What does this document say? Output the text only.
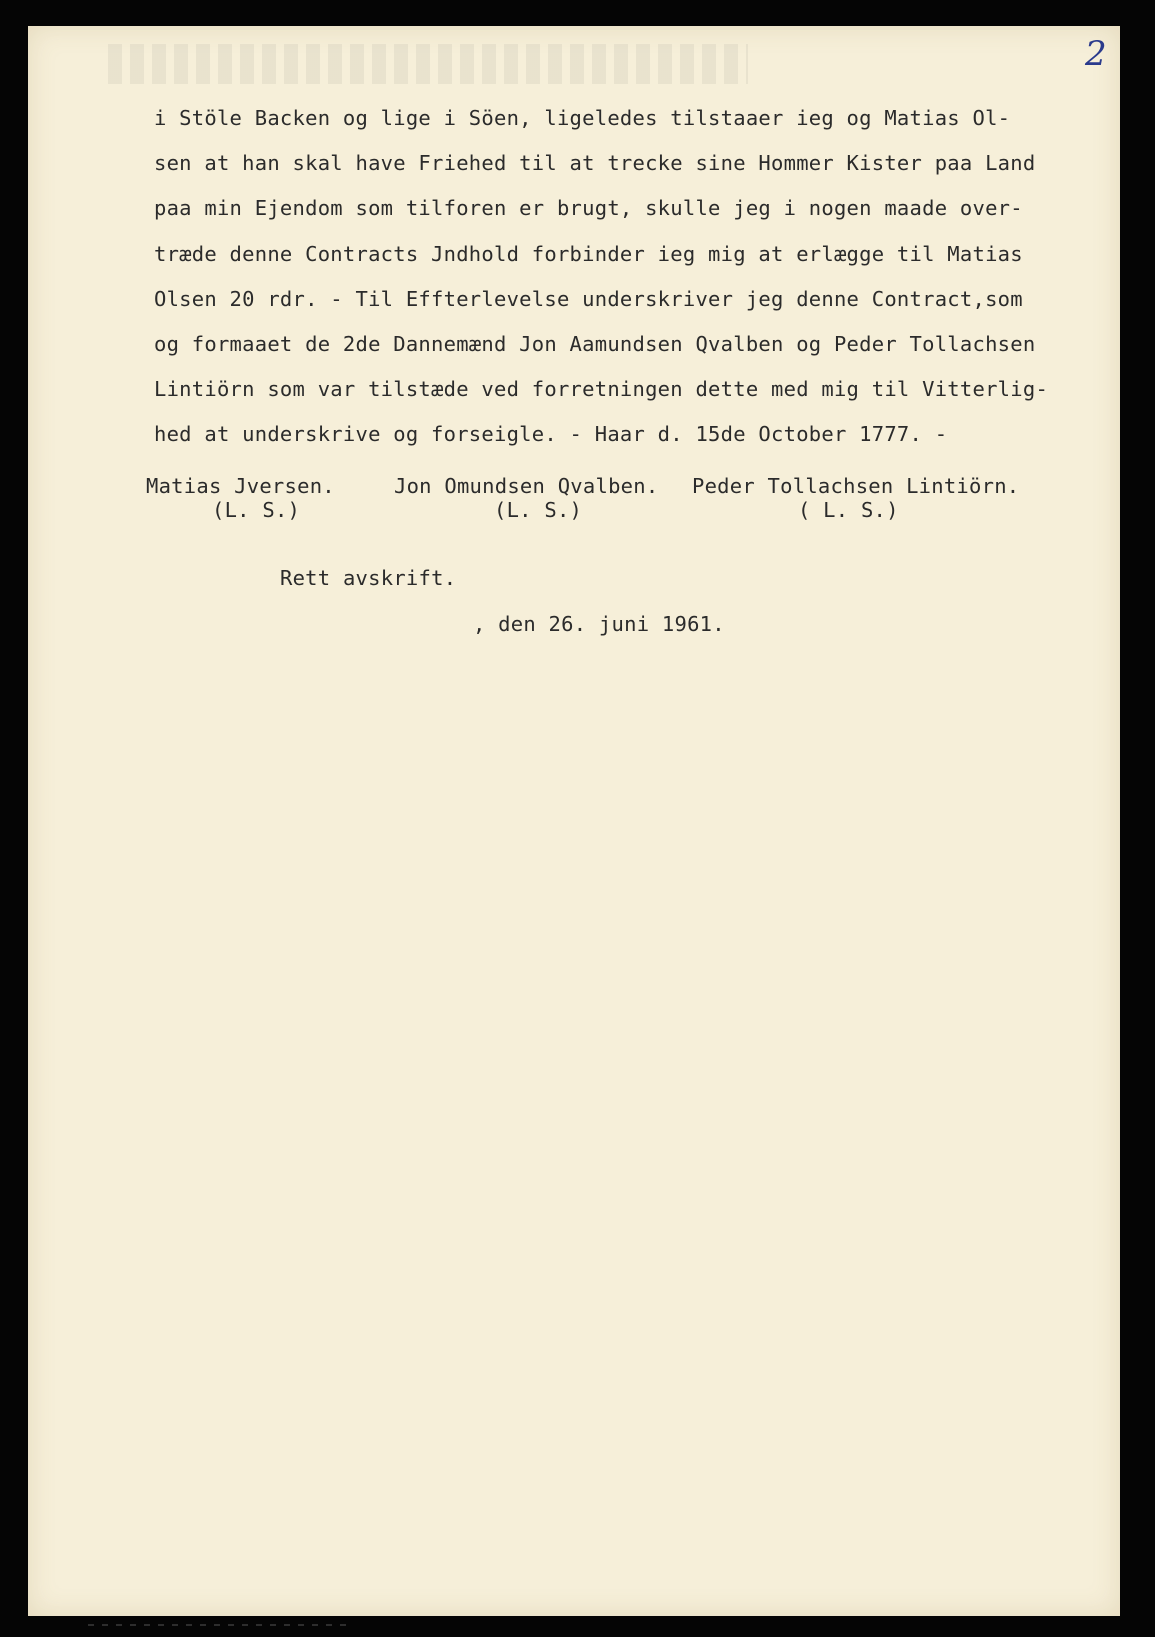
2
i Stöle Backen og lige i Söen, ligeledes tilstaaer ieg og Matias Ol-
sen at han skal have Friehed til at trecke sine Hommer Kister paa Land
paa min Ejendom som tilforen er brugt, skulle jeg i nogen maade over-
træde denne Contracts Jndhold forbinder ieg mig at erlægge til Matias
Olsen 20 rdr. - Til Effterlevelse underskriver jeg denne Contract,som
og formaaet de 2de Dannemænd Jon Aamundsen Qvalben og Peder Tollachsen
Lintiörn som var tilstæde ved forretningen dette med mig til Vitterlig-
hed at underskrive og forseigle. - Haar d. 15de October 1777. -
Matias Jversen.	Jon Omundsen Qvalben. Peder Tollachsen Lintiörn.
(L. S.)	(L. S.)	( L. S.)
Rett avskrift.
, den 26. juni 1961.
